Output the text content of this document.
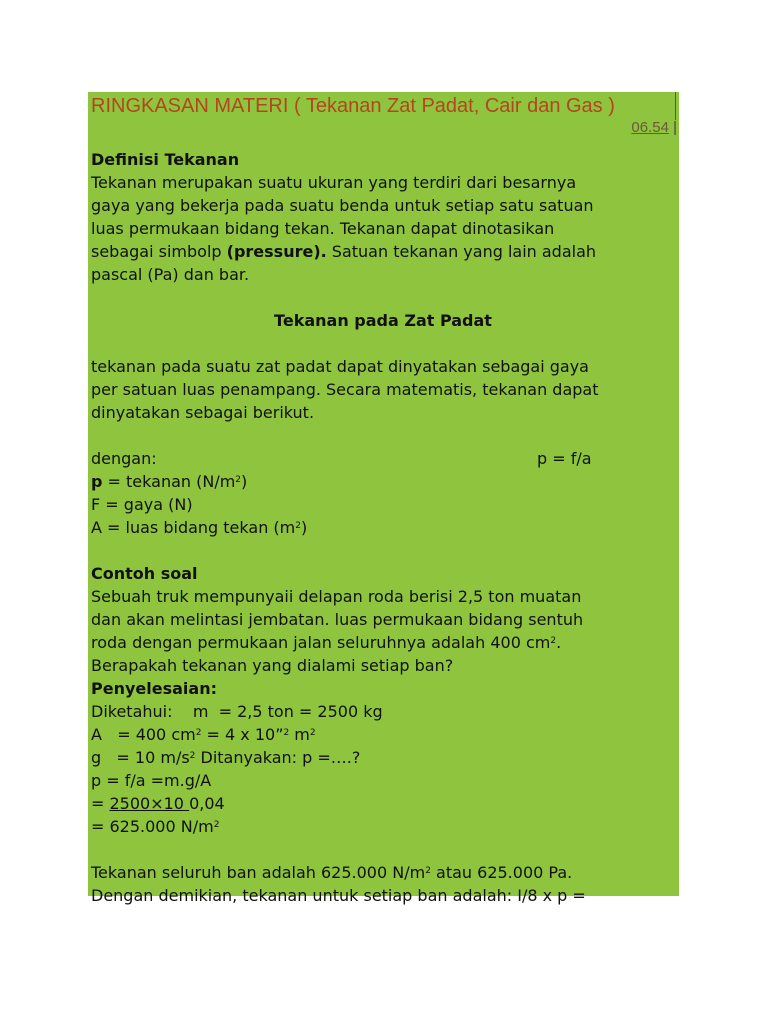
RINGKASAN MATERI ( Tekanan Zat Padat, Cair dan Gas )
06.54 |
Definisi Tekanan
Tekanan merupakan suatu ukuran yang terdiri dari besarnya
gaya yang bekerja pada suatu benda untuk setiap satu satuan
luas permukaan bidang tekan. Tekanan dapat dinotasikan
sebagai simbolp (pressure). Satuan tekanan yang lain adalah
pascal (Pa) dan bar.
Tekanan pada Zat Padat
tekanan pada suatu zat padat dapat dinyatakan sebagai gaya
per satuan luas penampang. Secara matematis, tekanan dapat
dinyatakan sebagai berikut.
dengan:	p = f/a
p = tekanan $(N/m^2)$
F = gaya (N)
A = luas bidang tekan $(m^2)$
Contoh soal
Sebuah truk mempunyaii delapan roda berisi 2,5 ton muatan
dan akan melintasi jembatan. luas permukaan bidang sentuh
roda dengan permukaan jalan seluruhnya adalah 400 $cm^2$.
Berapakah tekanan yang dialami setiap ban?
Penyelesaian:
Diketahui:    m  = 2,5 ton = 2500 kg
A   = 400 $cm^2 = 4$ x 10”$^2$ $m^2$
g   = 10 $m/s^2$ Ditanyakan: p =….?
p = f/a =m.g/A
= 2500×10 0,04
= 625.000 $N/m^2$
Tekanan seluruh ban adalah 625.000 $N/m^2$ atau 625.000 Pa.
Dengan demikian, tekanan untuk setiap ban adalah: I/8 x p =
